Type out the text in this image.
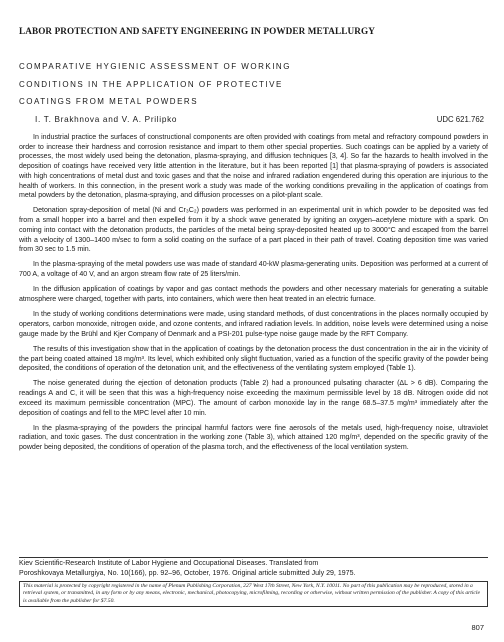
LABOR PROTECTION AND SAFETY ENGINEERING IN POWDER METALLURGY
COMPARATIVE HYGIENIC ASSESSMENT OF WORKING
CONDITIONS IN THE APPLICATION OF PROTECTIVE
COATINGS FROM METAL POWDERS
I. T. Brakhnova and V. A. Prilipko	UDC 621.762

In industrial practice the surfaces of constructional components are often provided with coatings from metal and refractory compound powders in order to increase their hardness and corrosion resistance and impart to them other special properties. Such coatings can be applied by a variety of processes, the most widely used being the detonation, plasma-spraying, and diffusion techniques [3, 4]. So far the hazards to health involved in the deposition of coatings have received very little attention in the literature, but it has been reported [1] that plasma-spraying of powders is associated with high concentrations of metal dust and toxic gases and that the noise and infrared radiation engendered during this operation are injurious to the health of workers. In this connection, in the present work a study was made of the working conditions prevailing in the application of coatings from metal powders by the detonation, plasma-spraying, and diffusion processes on a pilot-plant scale.

Detonation spray-deposition of metal (Ni and Cr₃C₂) powders was performed in an experimental unit in which powder to be deposited was fed from a small hopper into a barrel and then expelled from it by a shock wave generated by igniting an oxygen–acetylene mixture with a spark. On coming into contact with the detonation products, the particles of the metal being spray-deposited heated up to 3000°C and escaped from the barrel with a velocity of 1300–1400 m/sec to form a solid coating on the surface of a part placed in their path of travel. Coating deposition time was varied from 30 sec to 1.5 min.

In the plasma-spraying of the metal powders use was made of standard 40-kW plasma-generating units. Deposition was performed at a current of 700 A, a voltage of 40 V, and an argon stream flow rate of 25 liters/min.

In the diffusion application of coatings by vapor and gas contact methods the powders and other necessary materials for generating a suitable atmosphere were charged, together with parts, into containers, which were then heat treated in an electric furnace.

In the study of working conditions determinations were made, using standard methods, of dust concentrations in the places normally occupied by operators, carbon monoxide, nitrogen oxide, and ozone contents, and infrared radiation levels. In addition, noise levels were determined using a noise gauge made by the Brühl and Kjer Company of Denmark and a PSI-201 pulse-type noise gauge made by the RFT Company.

The results of this investigation show that in the application of coatings by the detonation process the dust concentration in the air in the vicinity of the part being coated attained 18 mg/m³. Its level, which exhibited only slight fluctuation, varied as a function of the specific gravity of the powder being deposited, the conditions of operation of the detonation unit, and the effectiveness of the ventilating system employed (Table 1).

The noise generated during the ejection of detonation products (Table 2) had a pronounced pulsating character (ΔL > 6 dB). Comparing the readings A and C, it will be seen that this was a high-frequency noise exceeding the maximum permissible level by 18 dB. Nitrogen oxide did not exceed its maximum permissible concentration (MPC). The amount of carbon monoxide lay in the range 68.5–37.5 mg/m³ immediately after the deposition of coatings and fell to the MPC level after 10 min.

In the plasma-spraying of the powders the principal harmful factors were fine aerosols of the metals used, high-frequency noise, ultraviolet radiation, and toxic gases. The dust concentration in the working zone (Table 3), which attained 120 mg/m³, depended on the specific gravity of the powder being deposited, the conditions of operation of the plasma torch, and the effectiveness of the local ventilation system.

Kiev Scientific-Research Institute of Labor Hygiene and Occupational Diseases. Translated from
Poroshkovaya Metallurgiya, No. 10(166), pp. 92–96, October, 1976. Original article submitted July 29, 1975.
This material is protected by copyright registered in the name of Plenum Publishing Corporation, 227 West 17th Street, New York, N.Y. 10011. No part of this publication may be reproduced, stored in a retrieval system, or transmitted, in any form or by any means, electronic, mechanical, photocopying, microfilming, recording or otherwise, without written permission of the publisher. A copy of this article is available from the publisher for $7.50.
807
